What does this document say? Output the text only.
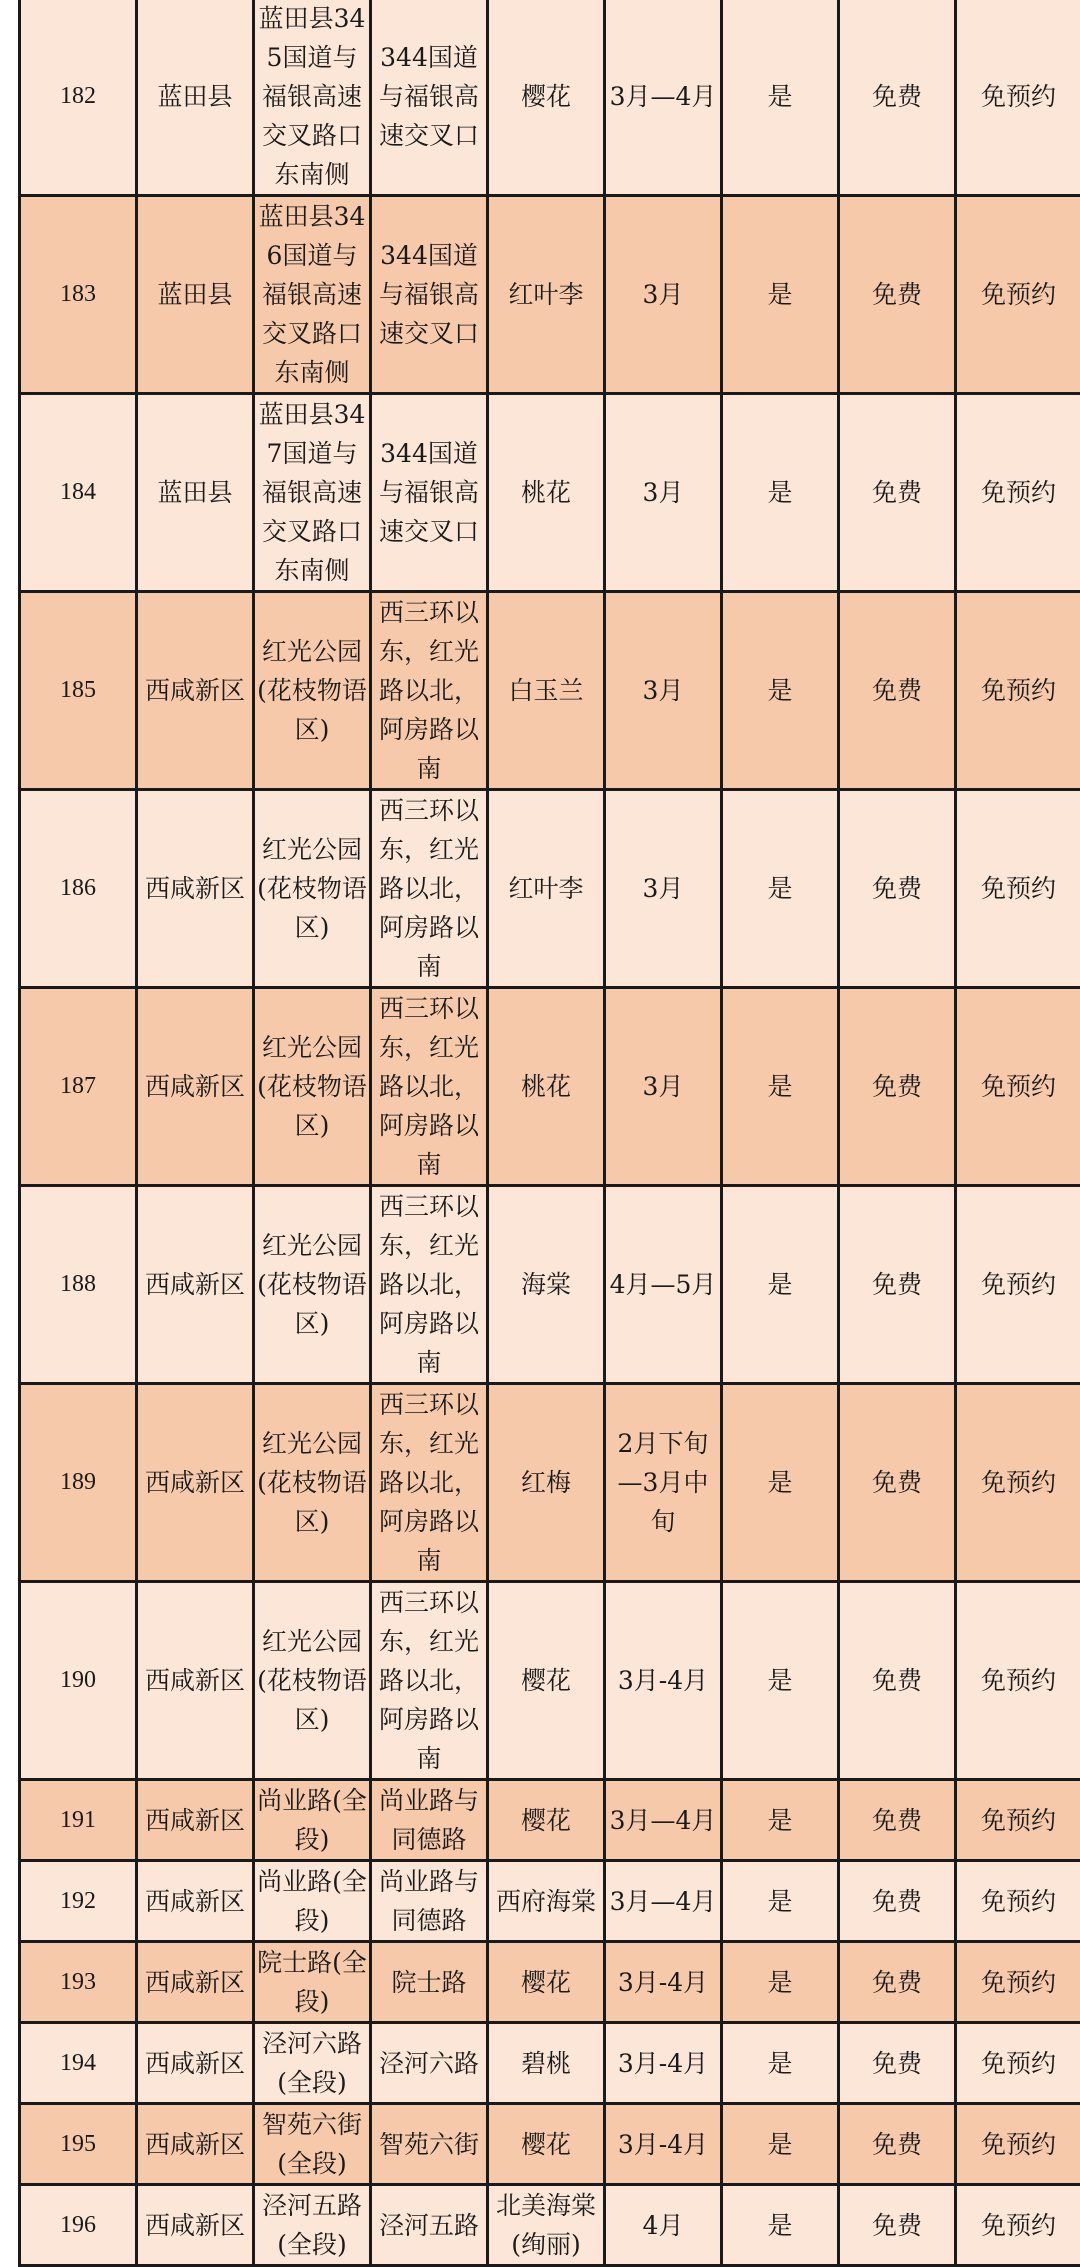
182	蓝田县	蓝田县345国道与福银高速交叉路口东南侧	344国道与福银高速交叉口	樱花	3月—4月	是	免费	免预约
183	蓝田县	蓝田县346国道与福银高速交叉路口东南侧	344国道与福银高速交叉口	红叶李	3月	是	免费	免预约
184	蓝田县	蓝田县347国道与福银高速交叉路口东南侧	344国道与福银高速交叉口	桃花	3月	是	免费	免预约
185	西咸新区	红光公园(花枝物语区)	西三环以东，红光路以北，阿房路以南	白玉兰	3月	是	免费	免预约
186	西咸新区	红光公园(花枝物语区)	西三环以东，红光路以北，阿房路以南	红叶李	3月	是	免费	免预约
187	西咸新区	红光公园(花枝物语区)	西三环以东，红光路以北，阿房路以南	桃花	3月	是	免费	免预约
188	西咸新区	红光公园(花枝物语区)	西三环以东，红光路以北，阿房路以南	海棠	4月—5月	是	免费	免预约
189	西咸新区	红光公园(花枝物语区)	西三环以东，红光路以北，阿房路以南	红梅	2月下旬—3月中旬	是	免费	免预约
190	西咸新区	红光公园(花枝物语区)	西三环以东，红光路以北，阿房路以南	樱花	3月-4月	是	免费	免预约
191	西咸新区	尚业路(全段)	尚业路与同德路	樱花	3月—4月	是	免费	免预约
192	西咸新区	尚业路(全段)	尚业路与同德路	西府海棠	3月—4月	是	免费	免预约
193	西咸新区	院士路(全段)	院士路	樱花	3月-4月	是	免费	免预约
194	西咸新区	泾河六路(全段)	泾河六路	碧桃	3月-4月	是	免费	免预约
195	西咸新区	智苑六街(全段)	智苑六街	樱花	3月-4月	是	免费	免预约
196	西咸新区	泾河五路(全段)	泾河五路	北美海棠(绚丽)	4月	是	免费	免预约
